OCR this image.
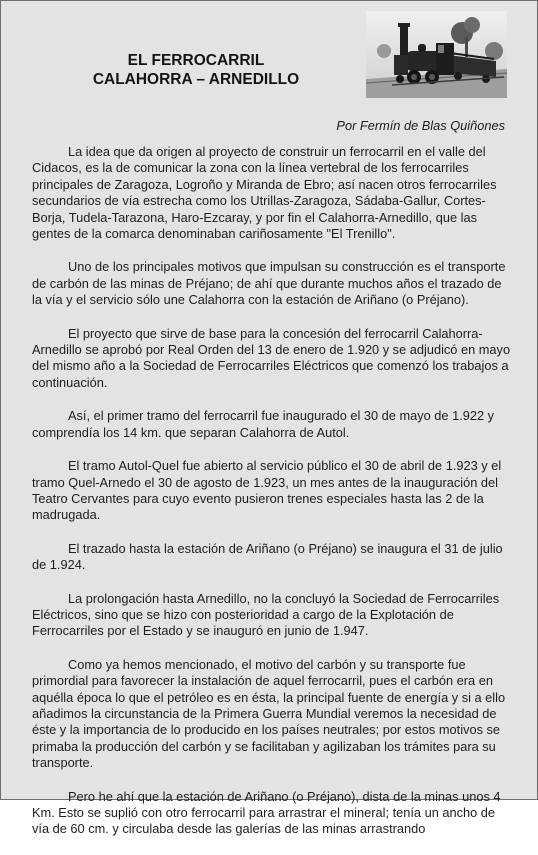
EL FERROCARRIL
CALAHORRA – ARNEDILLO

Por Fermín de Blas Quiñones

La idea que da origen al proyecto de construir un ferrocarril en el valle del Cidacos, es la de comunicar la zona con la línea vertebral de los ferrocarriles principales de Zaragoza, Logroño y Miranda de Ebro; así nacen otros ferrocarriles secundarios de vía estrecha como los Utrillas-Zaragoza, Sádaba-Gallur, Cortes-Borja, Tudela-Tarazona, Haro-Ezcaray, y por fin el Calahorra-Arnedillo, que las gentes de la comarca denominaban cariñosamente "El Trenillo".

Uno de los principales motivos que impulsan su construcción es el transporte de carbón de las minas de Préjano; de ahí que durante muchos años el trazado de la vía y el servicio sólo une Calahorra con la estación de Ariñano (o Préjano).

El proyecto que sirve de base para la concesión del ferrocarril Calahorra-Arnedillo se aprobó por Real Orden del 13 de enero de 1.920 y se adjudicó en mayo del mismo año a la Sociedad de Ferrocarriles Eléctricos que comenzó los trabajos a continuación.

Así, el primer tramo del ferrocarril fue inaugurado el 30 de mayo de 1.922 y comprendía los 14 km. que separan Calahorra de Autol.

El tramo Autol-Quel fue abierto al servicio público el 30 de abril de 1.923 y el tramo Quel-Arnedo el 30 de agosto de 1.923, un mes antes de la inauguración del Teatro Cervantes para cuyo evento pusieron trenes especiales hasta las 2 de la madrugada.

El trazado hasta la estación de Ariñano (o Préjano) se inaugura el 31 de julio de 1.924.

La prolongación hasta Arnedillo, no la concluyó la Sociedad de Ferrocarriles Eléctricos, sino que se hizo con posterioridad a cargo de la Explotación de Ferrocarriles por el Estado y se inauguró en junio de 1.947.

Como ya hemos mencionado, el motivo del carbón y su transporte fue primordial para favorecer la instalación de aquel ferrocarril, pues el carbón era en aquélla época lo que el petróleo es en ésta, la principal fuente de energía y si a ello añadimos la circunstancia de la Primera Guerra Mundial veremos la necesidad de éste y la importancia de lo producido en los países neutrales; por estos motivos se primaba la producción del carbón y se facilitaban y agilizaban los trámites para su transporte.

Pero he ahí que la estación de Ariñano (o Préjano), dista de la minas unos 4 Km. Esto se suplió con otro ferrocarril para arrastrar el mineral; tenía un ancho de vía de 60 cm. y circulaba desde las galerías de las minas arrastrando
